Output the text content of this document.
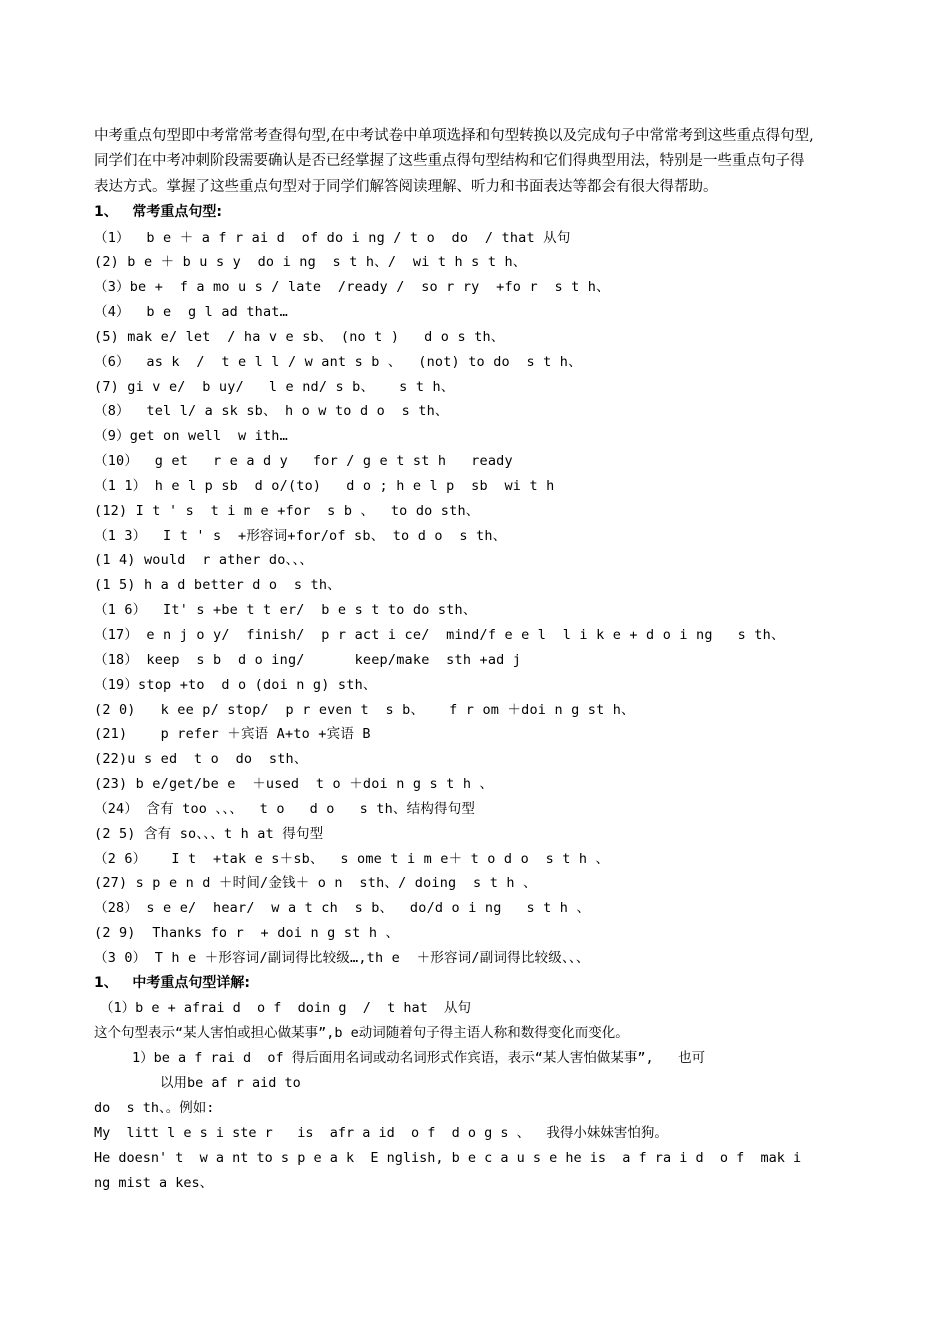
中考重点句型即中考常常考查得句型,在中考试卷中单项选择和句型转换以及完成句子中常常考到这些重点得句型,同学们在中考冲刺阶段需要确认是否已经掌握了这些重点得句型结构和它们得典型用法，特别是一些重点句子得表达方式。掌握了这些重点句型对于同学们解答阅读理解、听力和书面表达等都会有很大得帮助。

1、   常考重点句型:
（1）  b e ＋ a f r ai d  of do i ng / t o  do  / that 从句
(2) b e ＋ b u s y  do i ng  s t h、/  wi t h s t h、
（3）be +  f a mo u s / late  /ready /  so r ry  +fo r  s t h、
（4）  b e  g l ad that…
(5) mak e/ let  / ha v e sb、 (no t )   d o s th、
（6）  as k  /  t e l l / w ant s b 、  (not) to do  s t h、
(7) gi v e/  b uy/   l e nd/ s b、   s t h、
（8）  tel l/ a sk sb、 h o w to d o  s th、
（9）get on well  w ith…
（10）  g et   r e a d y   for / g e t st h   ready
（1 1） h e l p sb  d o/(to)   d o ; h e l p  sb  wi t h
(12) I t ' s  t i m e +for  s b 、  to do sth、
（1 3）  I t ' s  +形容词+for/of sb、 to d o  s th、
(1 4) would  r ather do、、、
(1 5) h a d better d o  s th、
（1 6）  It' s +be t t er/  b e s t to do sth、
（17） e n j o y/  finish/  p r act i ce/  mind/f e e l  l i k e + d o i ng   s th、
（18） keep  s b  d o ing/      keep/make  sth +ad j
（19）stop +to  d o (doi n g) sth、
(2 0)   k ee p/ stop/  p r even t  s b、   f r om ＋doi n g st h、
(21)    p refer ＋宾语 A+to +宾语 B
(22)u s ed  t o  do  sth、
(23) b e/get/be e  ＋used  t o ＋doi n g s t h 、
（24） 含有 too 、、、  t o   d o   s th、结构得句型
(2 5) 含有 so、、、t h at 得句型
（2 6）   I t  +tak e s＋sb、  s ome t i m e＋ t o d o  s t h 、
(27) s p e n d ＋时间/金钱＋ o n  sth、/ doing  s t h 、
（28） s e e/  hear/  w a t ch  s b、  do/d o i ng   s t h 、
(2 9)  Thanks fo r  + doi n g st h 、
（3 0） T h e ＋形容词/副词得比较级…,th e  ＋形容词/副词得比较级、、、
1、   中考重点句型详解:

（1）b e + afrai d  o f  doin g  /  t hat  从句

这个句型表示“某人害怕或担心做某事”,b e动词随着句子得主语人称和数得变化而变化。

1）be a f rai d  of 得后面用名词或动名词形式作宾语，表示“某人害怕做某事”,   也可

以用be af r aid to

do  s th、。例如:

My  litt l e s i ste r   is  afr a id  o f  d o g s 、  我得小妹妹害怕狗。

He doesn' t  w a nt to s p e a k  E nglish, b e c a u s e he is  a f ra i d  o f  mak i

ng mist a kes、
